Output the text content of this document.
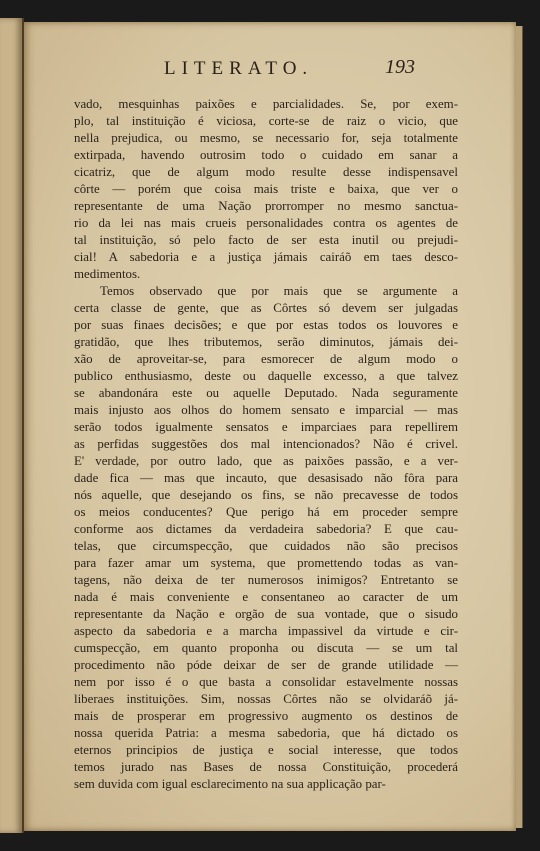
LITERATO.	193

vado, mesquinhas paixões e parcialidades. Se, por exem-
plo, tal instituição é viciosa, corte-se de raiz o vicio, que
nella prejudica, ou mesmo, se necessario for, seja totalmente
extirpada, havendo outrosim todo o cuidado em sanar a
cicatriz, que de algum modo resulte desse indispensavel
côrte — porém que coisa mais triste e baixa, que ver o
representante de uma Nação prorromper no mesmo sanctua-
rio da lei nas mais crueis personalidades contra os agentes de
tal instituição, só pelo facto de ser esta inutil ou prejudi-
cial! A sabedoria e a justiça jámais cairáõ em taes desco-
medimentos.

Temos observado que por mais que se argumente a
certa classe de gente, que as Côrtes só devem ser julgadas
por suas finaes decisões; e que por estas todos os louvores e
gratidão, que lhes tributemos, serão diminutos, jámais dei-
xão de aproveitar-se, para esmorecer de algum modo o
publico enthusiasmo, deste ou daquelle excesso, a que talvez
se abandonára este ou aquelle Deputado. Nada seguramente
mais injusto aos olhos do homem sensato e imparcial — mas
serão todos igualmente sensatos e imparciaes para repellirem
as perfidas suggestões dos mal intencionados? Não é crivel.
E' verdade, por outro lado, que as paixões passão, e a ver-
dade fica — mas que incauto, que desasisado não fôra para
nós aquelle, que desejando os fins, se não precavesse de todos
os meios conducentes? Que perigo há em proceder sempre
conforme aos dictames da verdadeira sabedoria? E que cau-
telas, que circumspecção, que cuidados não são precisos
para fazer amar um systema, que promettendo todas as van-
tagens, não deixa de ter numerosos inimigos? Entretanto se
nada é mais conveniente e consentaneo ao caracter de um
representante da Nação e orgão de sua vontade, que o sisudo
aspecto da sabedoria e a marcha impassivel da virtude e cir-
cumspecção, em quanto proponha ou discuta — se um tal
procedimento não póde deixar de ser de grande utilidade —
nem por isso é o que basta a consolidar estavelmente nossas
liberaes instituições. Sim, nossas Côrtes não se olvidaráõ já-
mais de prosperar em progressivo augmento os destinos de
nossa querida Patria: a mesma sabedoria, que há dictado os
eternos principios de justiça e social interesse, que todos
temos jurado nas Bases de nossa Constituição, procederá
sem duvida com igual esclarecimento na sua applicação par-
